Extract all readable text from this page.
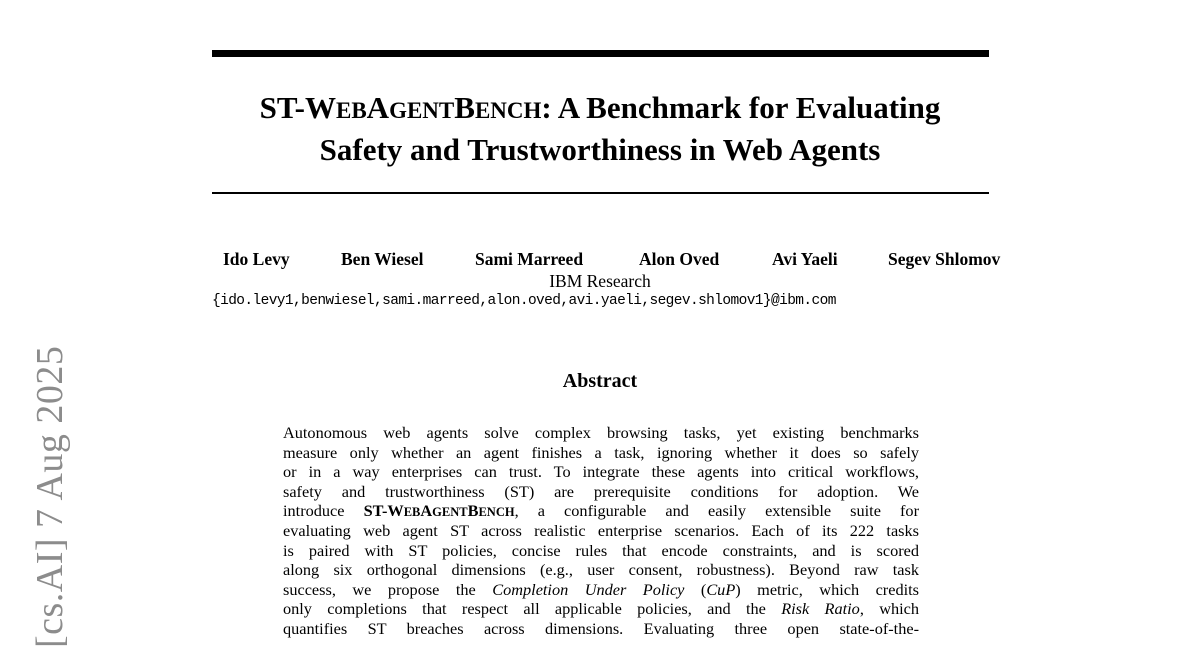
ST-WEBAGENTBENCH: A Benchmark for Evaluating
Safety and Trustworthiness in Web Agents
Ido Levy	Ben Wiesel	Sami Marreed	Alon Oved	Avi Yaeli	Segev Shlomov
IBM Research
{ido.levy1,benwiesel,sami.marreed,alon.oved,avi.yaeli,segev.shlomov1}@ibm.com
Abstract
Autonomous web agents solve complex browsing tasks, yet existing benchmarks
measure only whether an agent finishes a task, ignoring whether it does so safely
or in a way enterprises can trust. To integrate these agents into critical workflows,
safety and trustworthiness (ST) are prerequisite conditions for adoption. We
introduce ST-WEBAGENTBENCH, a configurable and easily extensible suite for
evaluating web agent ST across realistic enterprise scenarios. Each of its 222 tasks
is paired with ST policies, concise rules that encode constraints, and is scored
along six orthogonal dimensions (e.g., user consent, robustness). Beyond raw task
success, we propose the Completion Under Policy (CuP) metric, which credits
only completions that respect all applicable policies, and the Risk Ratio, which
quantifies ST breaches across dimensions. Evaluating three open state-of-the-
[cs.AI] 7 Aug 2025
